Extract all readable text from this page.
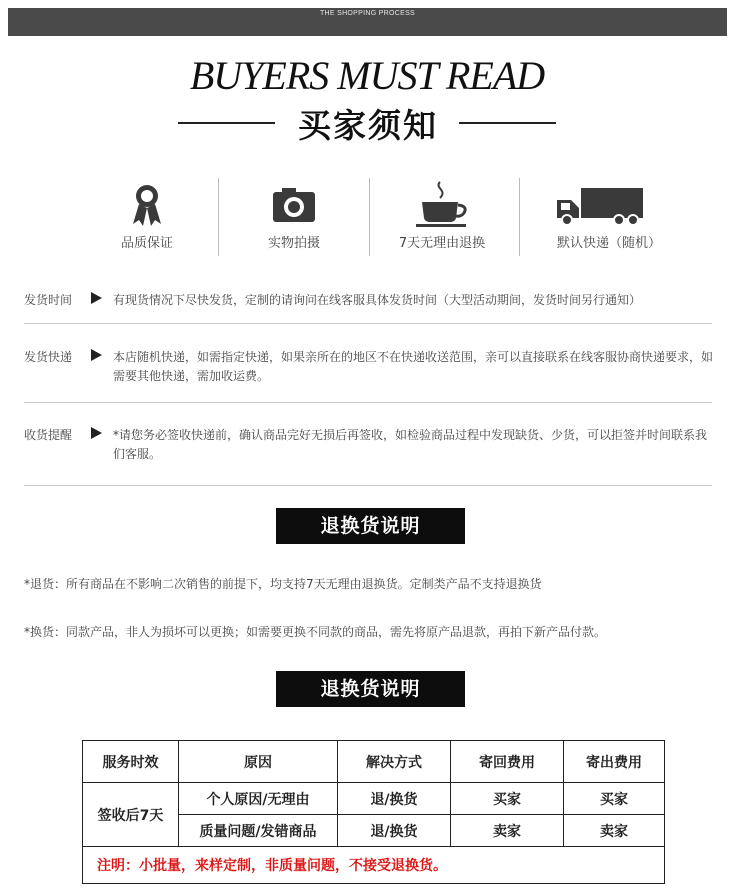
THE SHOPPING PROCESS
BUYERS MUST READ
买家须知
品质保证	实物拍摄	7天无理由退换	默认快递（随机）
发货时间	有现货情况下尽快发货，定制的请询问在线客服具体发货时间（大型活动期间，发货时间另行通知）
发货快递	本店随机快递，如需指定快递，如果亲所在的地区不在快递收送范围，亲可以直接联系在线客服协商快递要求，如需要其他快递，需加收运费。
收货提醒	*请您务必签收快递前，确认商品完好无损后再签收，如检验商品过程中发现缺货、少货，可以拒签并时间联系我们客服。
退换货说明
*退货：所有商品在不影响二次销售的前提下，均支持7天无理由退换货。定制类产品不支持退换货
*换货：同款产品，非人为损坏可以更换；如需要更换不同款的商品，需先将原产品退款，再拍下新产品付款。
退换货说明
服务时效	原因	解决方式	寄回费用	寄出费用
签收后7天	个人原因/无理由	退/换货	买家	买家
	质量问题/发错商品	退/换货	卖家	卖家
注明：小批量，来样定制，非质量问题，不接受退换货。				
